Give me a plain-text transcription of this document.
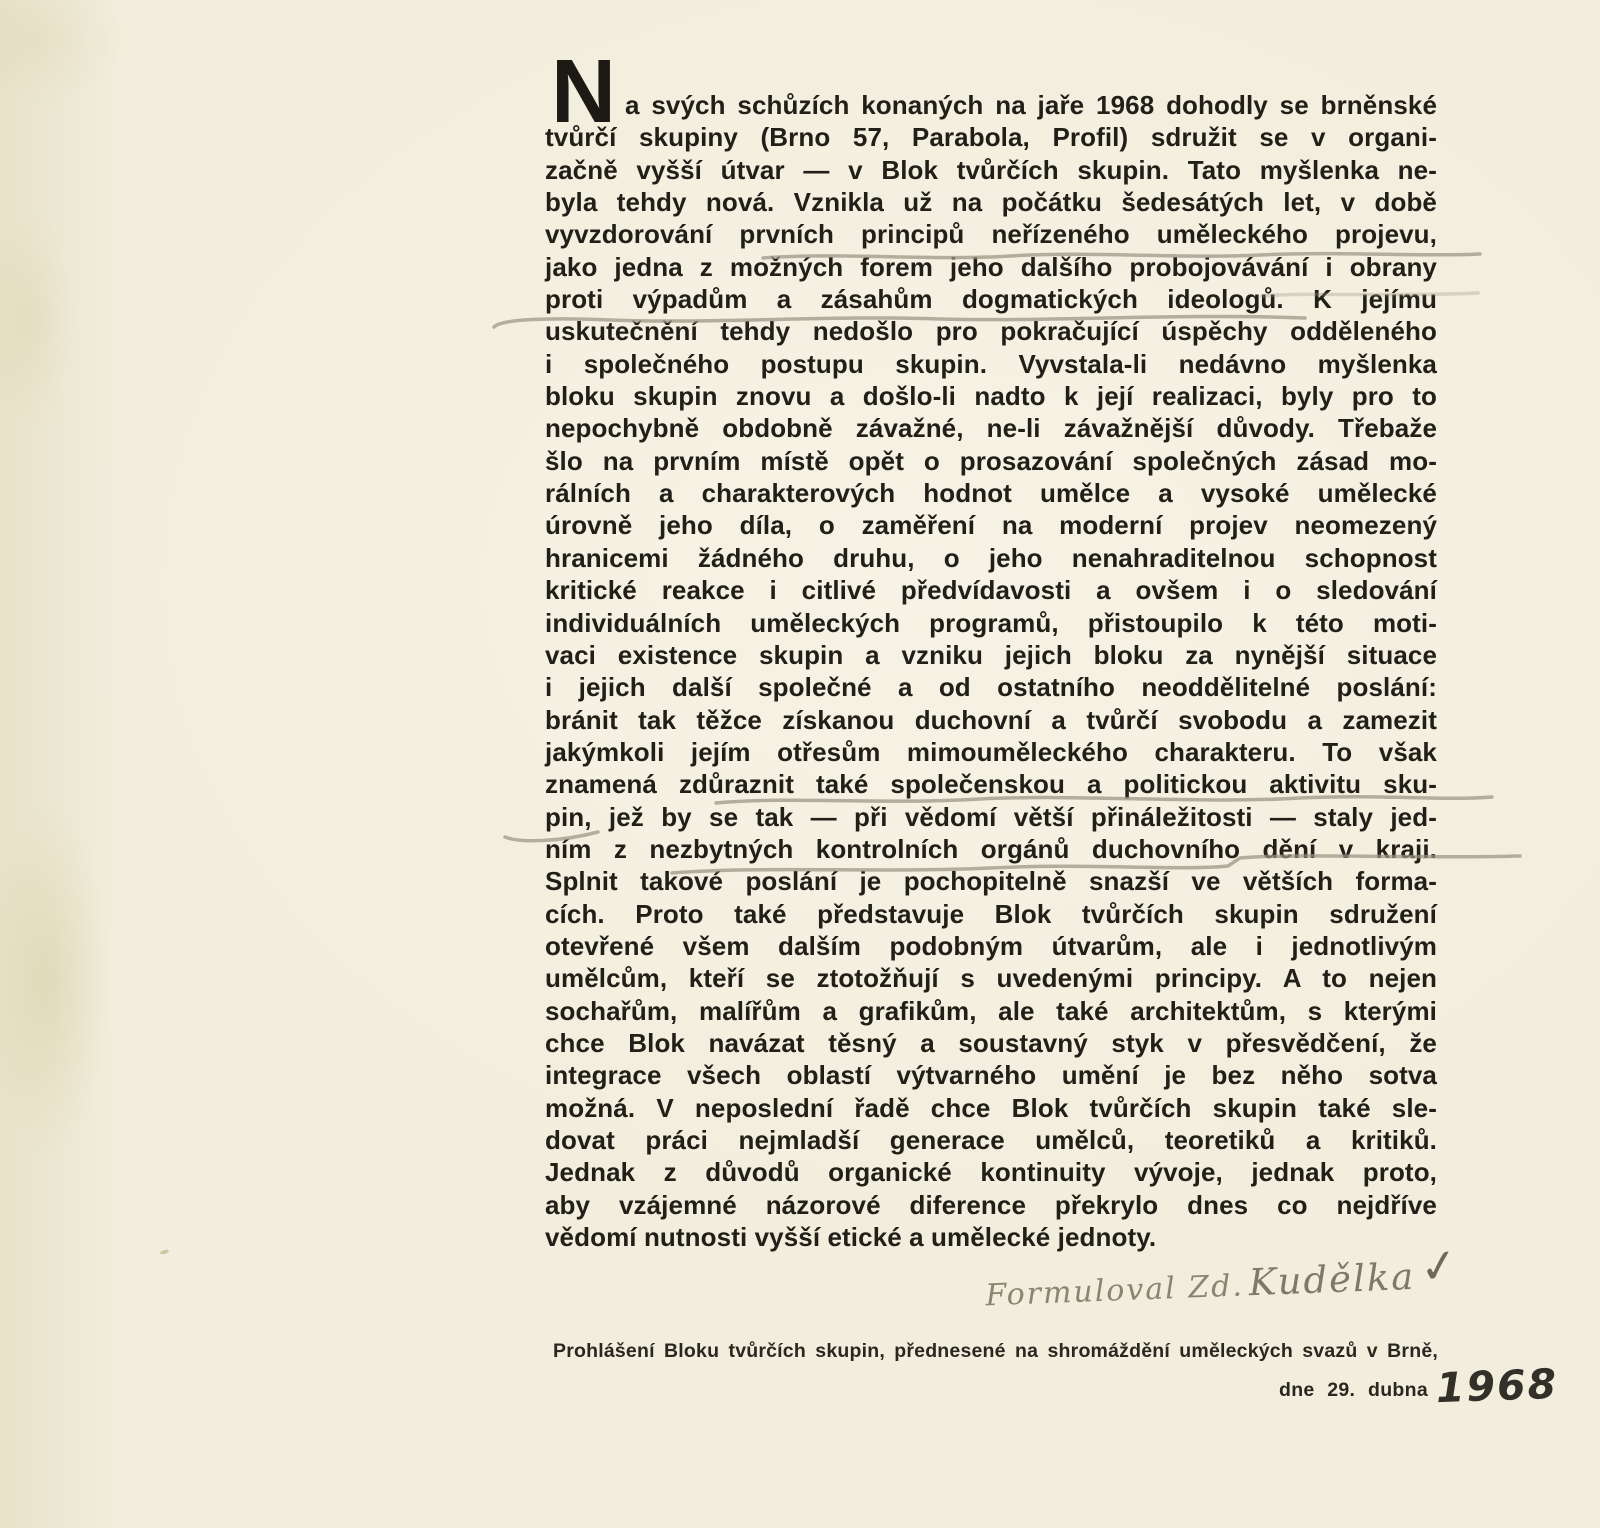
N a svých schůzích konaných na jaře 1968 dohodly se brněnské
tvůrčí skupiny (Brno 57, Parabola, Profil) sdružit se v organi-
začně vyšší útvar — v Blok tvůrčích skupin. Tato myšlenka ne-
byla tehdy nová. Vznikla už na počátku šedesátých let, v době
vyvzdorování prvních principů neřízeného uměleckého projevu,
jako jedna z možných forem jeho dalšího probojovávání i obrany
proti výpadům a zásahům dogmatických ideologů. K jejímu
uskutečnění tehdy nedošlo pro pokračující úspěchy odděleného
i společného postupu skupin. Vyvstala-li nedávno myšlenka
bloku skupin znovu a došlo-li nadto k její realizaci, byly pro to
nepochybně obdobně závažné, ne-li závažnější důvody. Třebaže
šlo na prvním místě opět o prosazování společných zásad mo-
rálních a charakterových hodnot umělce a vysoké umělecké
úrovně jeho díla, o zaměření na moderní projev neomezený
hranicemi žádného druhu, o jeho nenahraditelnou schopnost
kritické reakce i citlivé předvídavosti a ovšem i o sledování
individuálních uměleckých programů, přistoupilo k této moti-
vaci existence skupin a vzniku jejich bloku za nynější situace
i jejich další společné a od ostatního neoddělitelné poslání:
bránit tak těžce získanou duchovní a tvůrčí svobodu a zamezit
jakýmkoli jejím otřesům mimouměleckého charakteru. To však
znamená zdůraznit také společenskou a politickou aktivitu sku-
pin, jež by se tak — při vědomí větší přináležitosti — staly jed-
ním z nezbytných kontrolních orgánů duchovního dění v kraji.
Splnit takové poslání je pochopitelně snazší ve větších forma-
cích. Proto také představuje Blok tvůrčích skupin sdružení
otevřené všem dalším podobným útvarům, ale i jednotlivým
umělcům, kteří se ztotožňují s uvedenými principy. A to nejen
sochařům, malířům a grafikům, ale také architektům, s kterými
chce Blok navázat těsný a soustavný styk v přesvědčení, že
integrace všech oblastí výtvarného umění je bez něho sotva
možná. V neposlední řadě chce Blok tvůrčích skupin také sle-
dovat práci nejmladší generace umělců, teoretiků a kritiků.
Jednak z důvodů organické kontinuity vývoje, jednak proto,
aby vzájemné názorové diference překrylo dnes co nejdříve
vědomí nutnosti vyšší etické a umělecké jednoty.
Formuloval Zd. Kudělka ✓
Prohlášení Bloku tvůrčích skupin, přednesené na shromáždění uměleckých svazů v Brně,
dne 29. dubna 1968
